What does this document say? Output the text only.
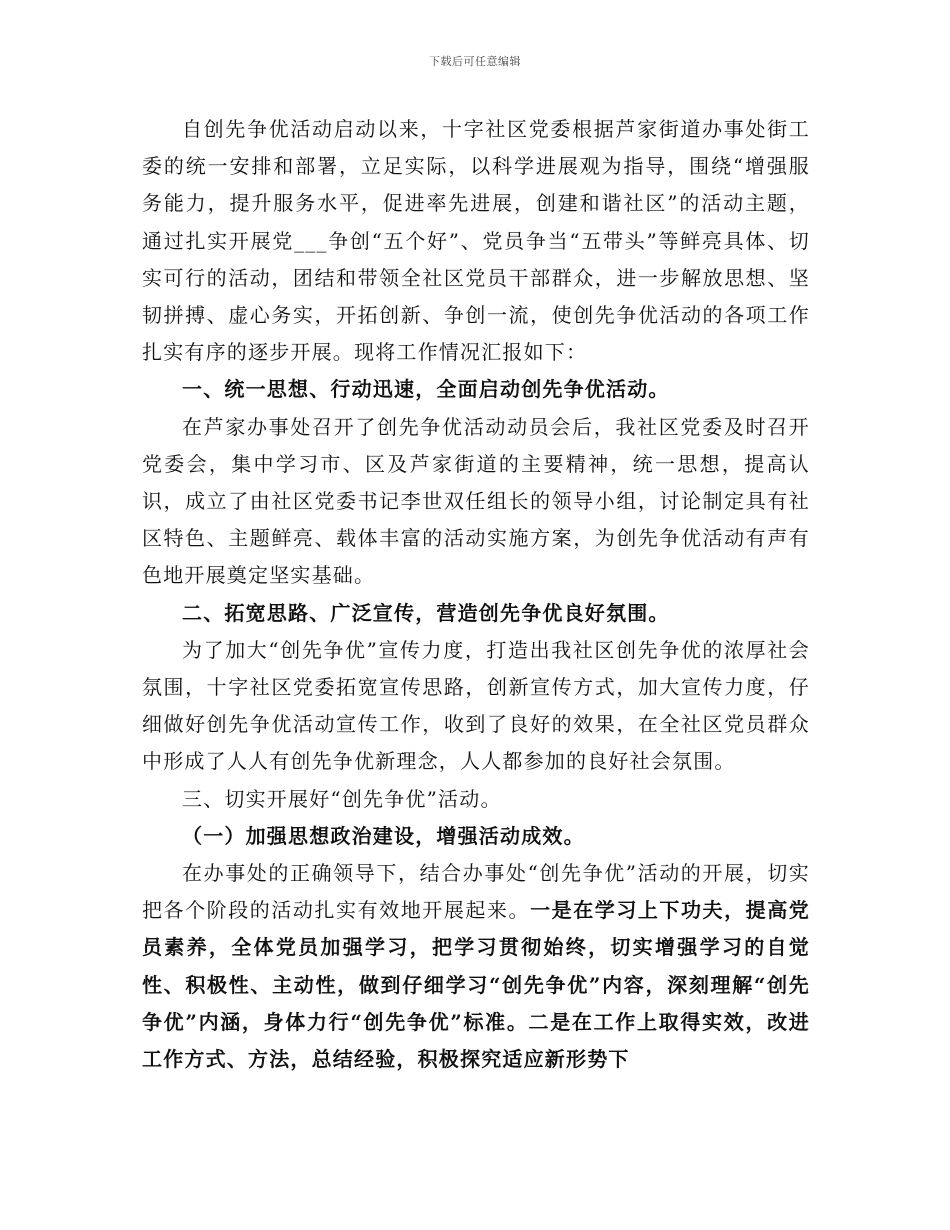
下载后可任意编辑

自创先争优活动启动以来，十字社区党委根据芦家街道办事处街工委的统一安排和部署，立足实际，以科学进展观为指导，围绕“增强服务能力，提升服务水平，促进率先进展，创建和谐社区”的活动主题，通过扎实开展党___争创“五个好”、党员争当“五带头”等鲜亮具体、切实可行的活动，团结和带领全社区党员干部群众，进一步解放思想、坚韧拼搏、虚心务实，开拓创新、争创一流，使创先争优活动的各项工作扎实有序的逐步开展。现将工作情况汇报如下：

一、统一思想、行动迅速，全面启动创先争优活动。

在芦家办事处召开了创先争优活动动员会后，我社区党委及时召开党委会，集中学习市、区及芦家街道的主要精神，统一思想，提高认识，成立了由社区党委书记李世双任组长的领导小组，讨论制定具有社区特色、主题鲜亮、载体丰富的活动实施方案，为创先争优活动有声有色地开展奠定坚实基础。

二、拓宽思路、广泛宣传，营造创先争优良好氛围。

为了加大“创先争优”宣传力度，打造出我社区创先争优的浓厚社会氛围，十字社区党委拓宽宣传思路，创新宣传方式，加大宣传力度，仔细做好创先争优活动宣传工作，收到了良好的效果，在全社区党员群众中形成了人人有创先争优新理念，人人都参加的良好社会氛围。

三、切实开展好“创先争优”活动。

（一）加强思想政治建设，增强活动成效。

在办事处的正确领导下，结合办事处“创先争优”活动的开展，切实把各个阶段的活动扎实有效地开展起来。一是在学习上下功夫，提高党员素养，全体党员加强学习，把学习贯彻始终，切实增强学习的自觉性、积极性、主动性，做到仔细学习“创先争优”内容，深刻理解“创先争优”内涵，身体力行“创先争优”标准。二是在工作上取得实效，改进工作方式、方法，总结经验，积极探究适应新形势下
